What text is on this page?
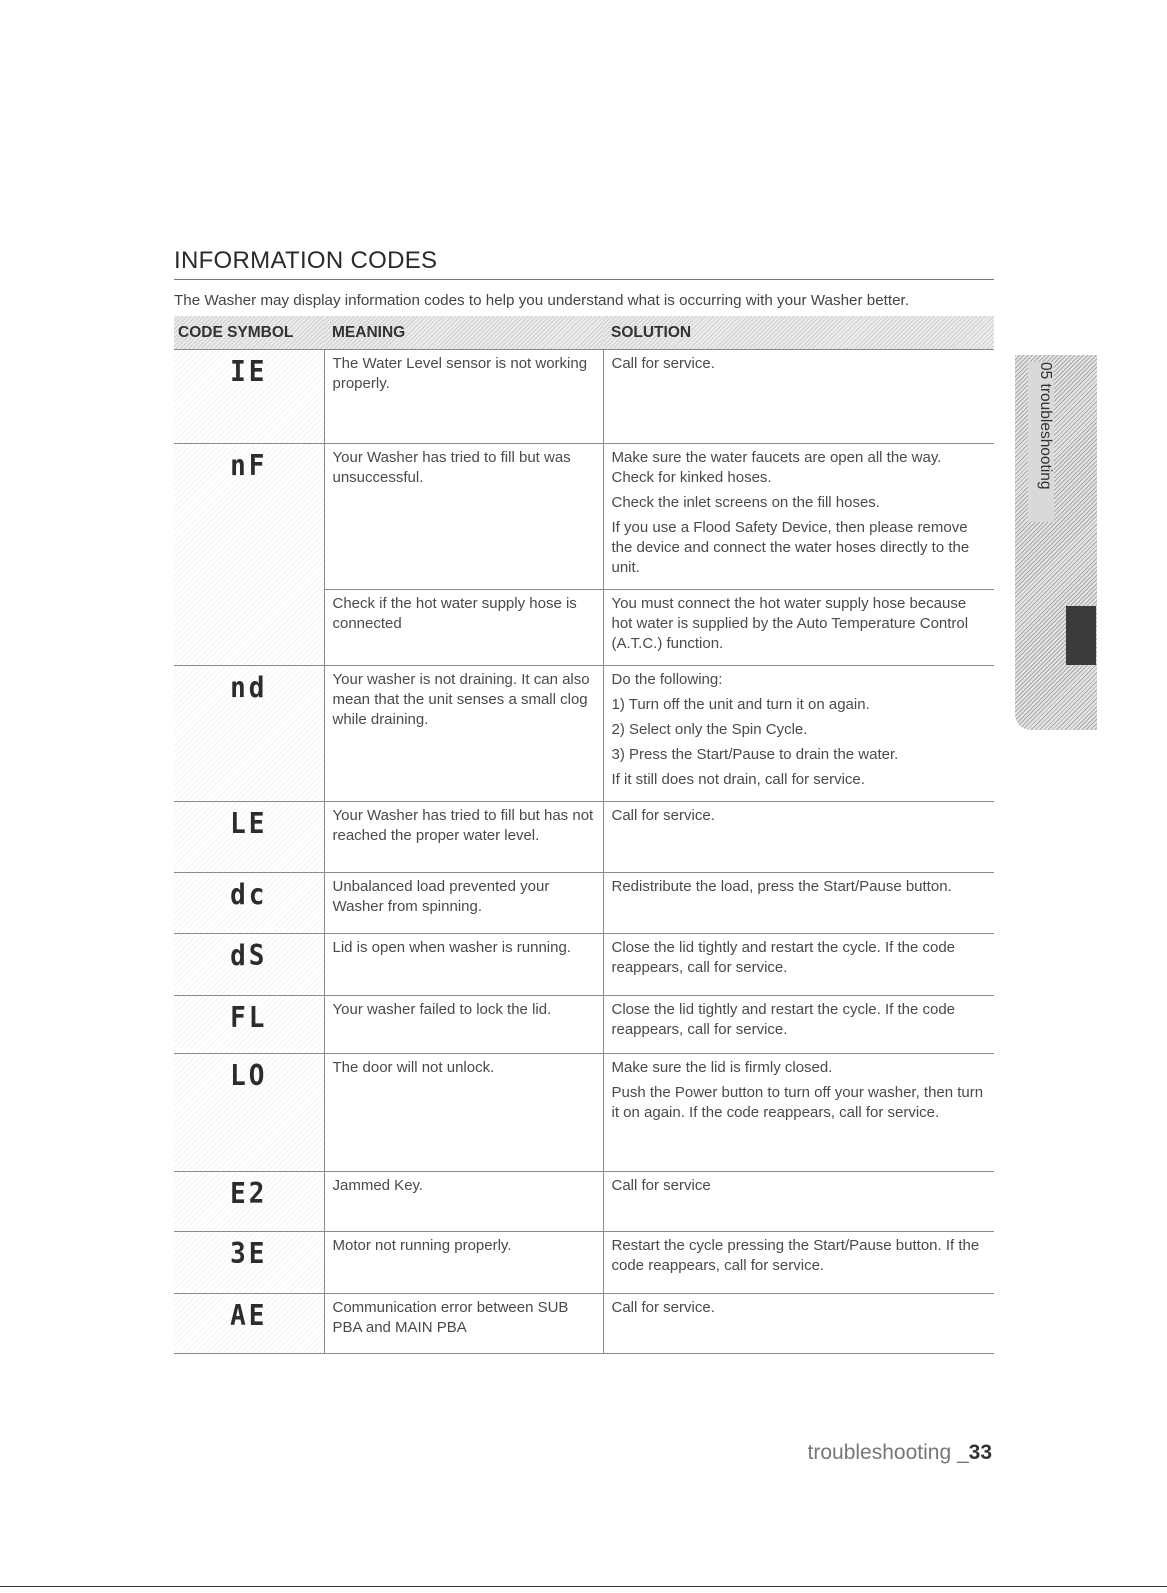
INFORMATION CODES
The Washer may display information codes to help you understand what is occurring with your Washer better.
CODE SYMBOL	MEANING	SOLUTION

IE	The Water Level sensor is not working properly.	Call for service.

nF	Your Washer has tried to fill but was unsuccessful.	Make sure the water faucets are open all the way. Check for kinked hoses.
Check the inlet screens on the fill hoses.
If you use a Flood Safety Device, then please remove the device and connect the water hoses directly to the unit.

	Check if the hot water supply hose is connected	You must connect the hot water supply hose because hot water is supplied by the Auto Temperature Control (A.T.C.) function.

nd	Your washer is not draining. It can also mean that the unit senses a small clog while draining.	Do the following:
1) Turn off the unit and turn it on again.
2) Select only the Spin Cycle.
3) Press the Start/Pause to drain the water.
If it still does not drain, call for service.

LE	Your Washer has tried to fill but has not reached the proper water level.	Call for service.

dc	Unbalanced load prevented your Washer from spinning.	Redistribute the load, press the Start/Pause button.

dS	Lid is open when washer is running.	Close the lid tightly and restart the cycle. If the code reappears, call for service.

FL	Your washer failed to lock the lid.	Close the lid tightly and restart the cycle. If the code reappears, call for service.

LO	The door will not unlock.	Make sure the lid is firmly closed.
Push the Power button to turn off your washer, then turn it on again. If the code reappears, call for service.

E2	Jammed Key.	Call for service

3E	Motor not running properly.	Restart the cycle pressing the Start/Pause button. If the code reappears, call for service.

AE	Communication error between SUB PBA and MAIN PBA	Call for service.
05 troubleshooting
troubleshooting _33
